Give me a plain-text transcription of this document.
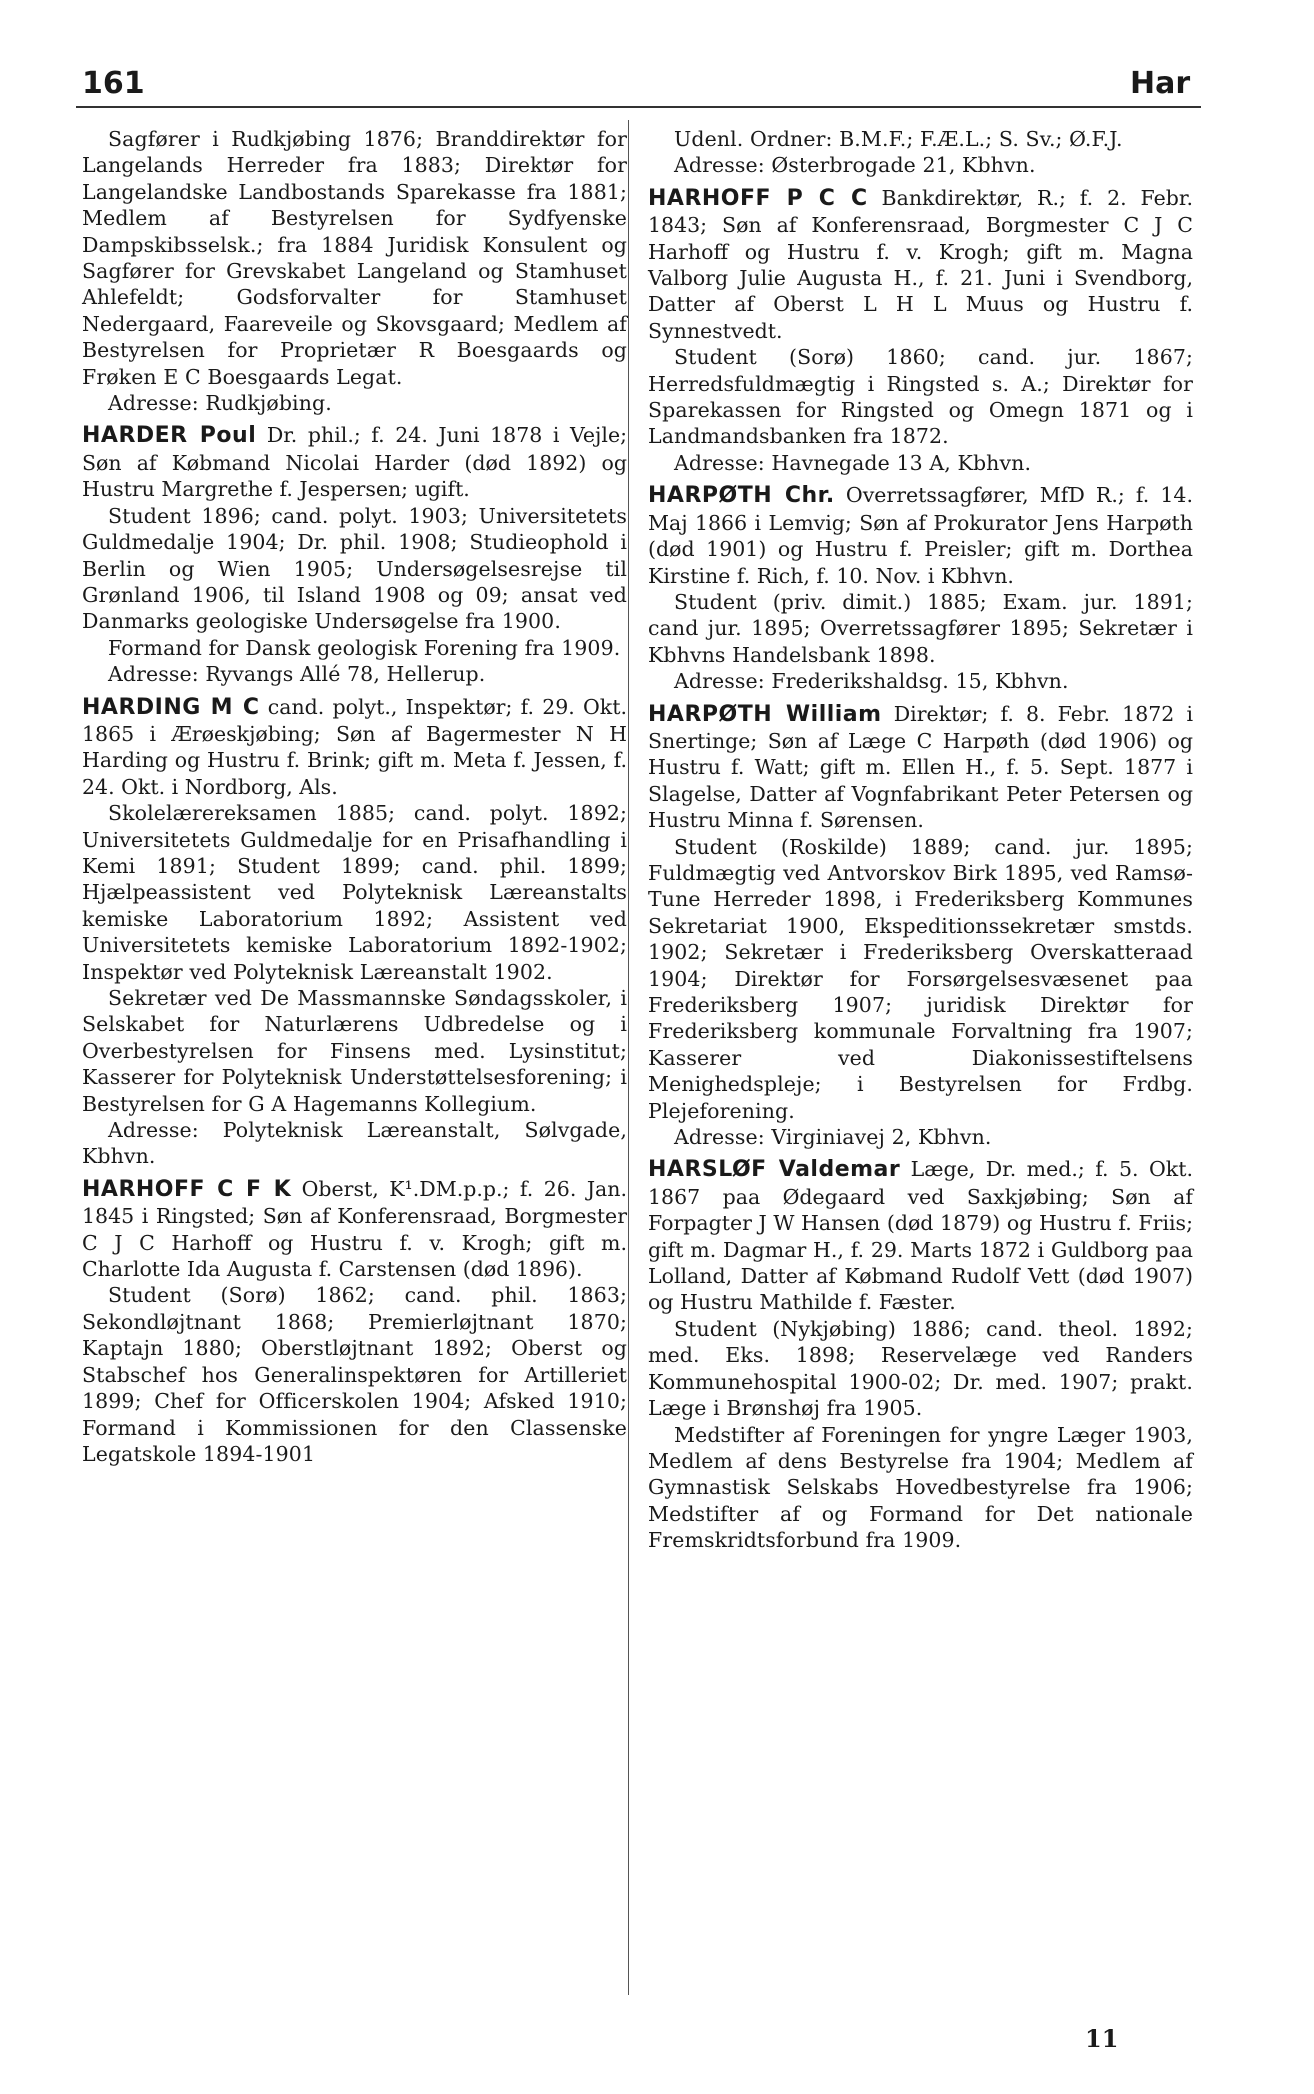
161	Har

Sagfører i Rudkjøbing 1876; Branddirektør for Langelands Herreder fra 1883; Direktør for Langelandske Landbostands Sparekasse fra 1881; Medlem af Bestyrelsen for Sydfyenske Dampskibsselsk.; fra 1884 Juridisk Konsulent og Sagfører for Grevskabet Langeland og Stamhuset Ahlefeldt; Godsforvalter for Stamhuset Nedergaard, Faareveile og Skovsgaard; Medlem af Bestyrelsen for Proprietær R Boesgaards og Frøken E C Boesgaards Legat.

Adresse: Rudkjøbing.

HARDER Poul Dr. phil.; f. 24. Juni 1878 i Vejle; Søn af Købmand Nicolai Harder (død 1892) og Hustru Margrethe f. Jespersen; ugift.

Student 1896; cand. polyt. 1903; Universitetets Guldmedalje 1904; Dr. phil. 1908; Studieophold i Berlin og Wien 1905; Undersøgelsesrejse til Grønland 1906, til Island 1908 og 09; ansat ved Danmarks geologiske Undersøgelse fra 1900.

Formand for Dansk geologisk Forening fra 1909.

Adresse: Ryvangs Allé 78, Hellerup.

HARDING M C cand. polyt., Inspektør; f. 29. Okt. 1865 i Ærøeskjøbing; Søn af Bagermester N H Harding og Hustru f. Brink; gift m. Meta f. Jessen, f. 24. Okt. i Nordborg, Als.

Skolelærereksamen 1885; cand. polyt. 1892; Universitetets Guldmedalje for en Prisafhandling i Kemi 1891; Student 1899; cand. phil. 1899; Hjælpeassistent ved Polyteknisk Læreanstalts kemiske Laboratorium 1892; Assistent ved Universitetets kemiske Laboratorium 1892-1902; Inspektør ved Polyteknisk Læreanstalt 1902.

Sekretær ved De Massmannske Søndagsskoler, i Selskabet for Naturlærens Udbredelse og i Overbestyrelsen for Finsens med. Lysinstitut; Kasserer for Polyteknisk Understøttelsesforening; i Bestyrelsen for G A Hagemanns Kollegium.

Adresse: Polyteknisk Læreanstalt, Sølvgade, Kbhvn.

HARHOFF C F K Oberst, K¹.DM.p.p.; f. 26. Jan. 1845 i Ringsted; Søn af Konferensraad, Borgmester C J C Harhoff og Hustru f. v. Krogh; gift m. Charlotte Ida Augusta f. Carstensen (død 1896).

Student (Sorø) 1862; cand. phil. 1863; Sekondløjtnant 1868; Premierløjtnant 1870; Kaptajn 1880; Oberstløjtnant 1892; Oberst og Stabschef hos Generalinspektøren for Artilleriet 1899; Chef for Officerskolen 1904; Afsked 1910; Formand i Kommissionen for den Classenske Legatskole 1894-1901

Udenl. Ordner: B.M.F.; F.Æ.L.; S. Sv.; Ø.F.J.

Adresse: Østerbrogade 21, Kbhvn.

HARHOFF P C C Bankdirektør, R.; f. 2. Febr. 1843; Søn af Konferensraad, Borgmester C J C Harhoff og Hustru f. v. Krogh; gift m. Magna Valborg Julie Augusta H., f. 21. Juni i Svendborg, Datter af Oberst L H L Muus og Hustru f. Synnestvedt.

Student (Sorø) 1860; cand. jur. 1867; Herredsfuldmægtig i Ringsted s. A.; Direktør for Sparekassen for Ringsted og Omegn 1871 og i Landmandsbanken fra 1872.

Adresse: Havnegade 13 A, Kbhvn.

HARPØTH Chr. Overretssagfører, MfD R.; f. 14. Maj 1866 i Lemvig; Søn af Prokurator Jens Harpøth (død 1901) og Hustru f. Preisler; gift m. Dorthea Kirstine f. Rich, f. 10. Nov. i Kbhvn.

Student (priv. dimit.) 1885; Exam. jur. 1891; cand jur. 1895; Overretssagfører 1895; Sekretær i Kbhvns Handelsbank 1898.

Adresse: Frederikshaldsg. 15, Kbhvn.

HARPØTH William Direktør; f. 8. Febr. 1872 i Snertinge; Søn af Læge C Harpøth (død 1906) og Hustru f. Watt; gift m. Ellen H., f. 5. Sept. 1877 i Slagelse, Datter af Vognfabrikant Peter Petersen og Hustru Minna f. Sørensen.

Student (Roskilde) 1889; cand. jur. 1895; Fuldmægtig ved Antvorskov Birk 1895, ved Ramsø-Tune Herreder 1898, i Frederiksberg Kommunes Sekretariat 1900, Ekspeditionssekretær smstds. 1902; Sekretær i Frederiksberg Overskattera​ad 1904; Direktør for Forsørgelsesvæsenet paa Frederiksberg 1907; juridisk Direktør for Frederiksberg kommunale Forvaltning fra 1907; Kasserer ved Diakonissestiftelsens Menighedspleje; i Bestyrelsen for Frdbg. Plejeforening.

Adresse: Virginiavej 2, Kbhvn.

HARSLØF Valdemar Læge, Dr. med.; f. 5. Okt. 1867 paa Ødegaard ved Saxkjøbing; Søn af Forpagter J W Hansen (død 1879) og Hustru f. Friis; gift m. Dagmar H., f. 29. Marts 1872 i Guldborg paa Lolland, Datter af Købmand Rudolf Vett (død 1907) og Hustru Mathilde f. Fæster.

Student (Nykjøbing) 1886; cand. theol. 1892; med. Eks. 1898; Reservelæge ved Randers Kommunehospital 1900-02; Dr. med. 1907; prakt. Læge i Brønshøj fra 1905.

Medstifter af Foreningen for yngre Læger 1903, Medlem af dens Bestyrelse fra 1904; Medlem af Gymnastisk Selskabs Hovedbestyrelse fra 1906; Medstifter af og Formand for Det nationale Fremskridtsforbund fra 1909.

11
